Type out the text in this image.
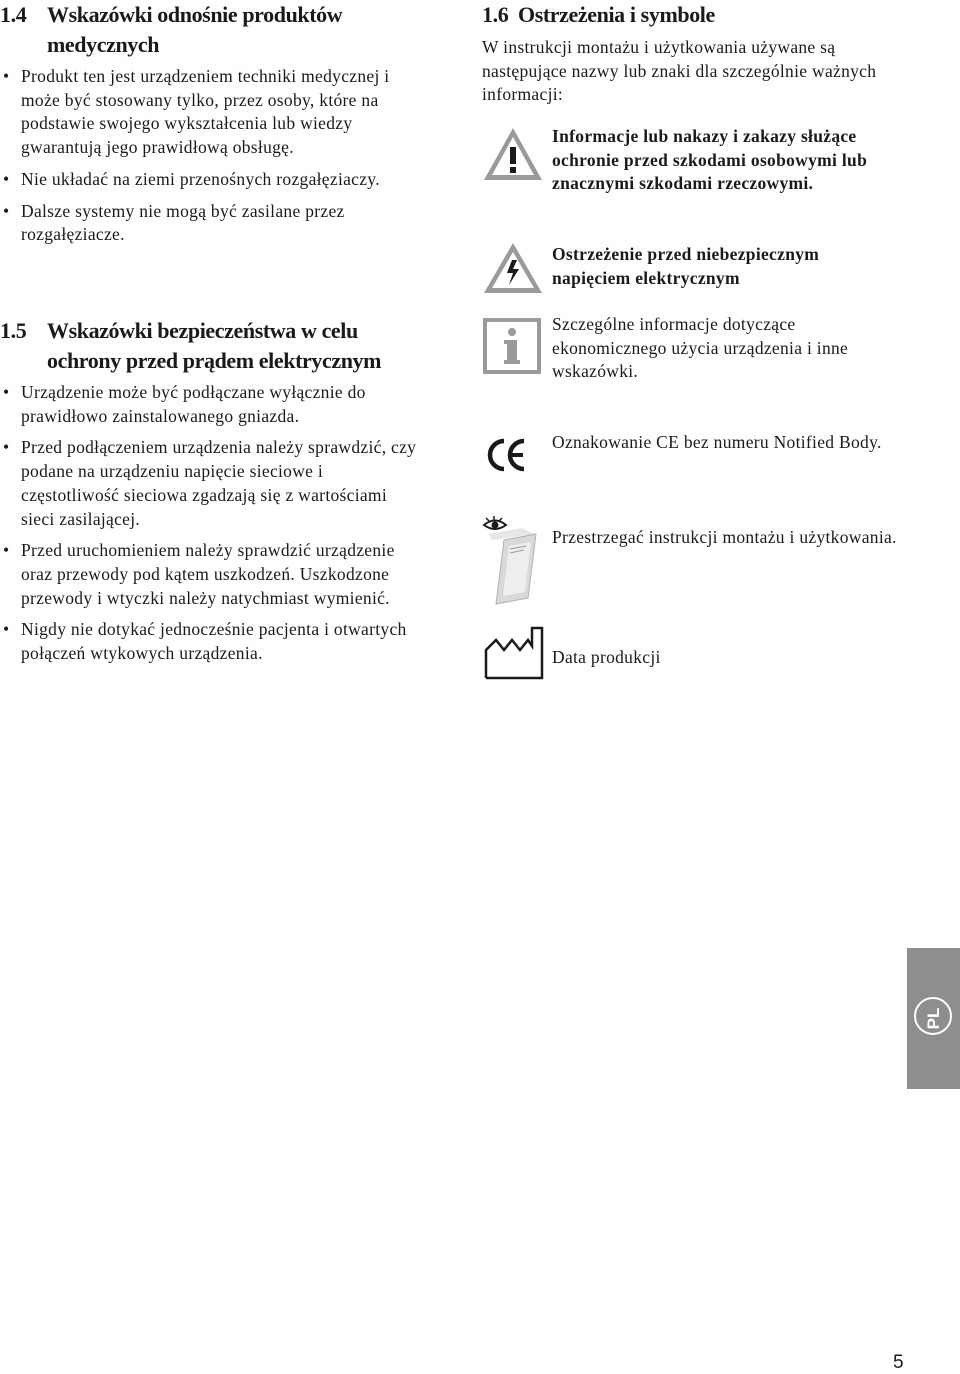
1.4 Wskazówki odnośnie produktów
medycznych
• Produkt ten jest urządzeniem techniki medycznej i może być stosowany tylko, przez osoby, które na podstawie swojego wykształcenia lub wiedzy gwarantują jego prawidłową obsługę.
• Nie układać na ziemi przenośnych rozgałęziaczy.
• Dalsze systemy nie mogą być zasilane przez rozgałęziacze.
1.5 Wskazówki bezpieczeństwa w celu
ochrony przed prądem elektrycznym
• Urządzenie może być podłączane wyłącznie do prawidłowo zainstalowanego gniazda.
• Przed podłączeniem urządzenia należy sprawdzić, czy podane na urządzeniu napięcie sieciowe i częstotliwość sieciowa zgadzają się z wartościami sieci zasilającej.
• Przed uruchomieniem należy sprawdzić urządzenie oraz przewody pod kątem uszkodzeń. Uszkodzone przewody i wtyczki należy natychmiast wymienić.
• Nigdy nie dotykać jednocześnie pacjenta i otwartych połączeń wtykowych urządzenia.
1.6 Ostrzeżenia i symbole

W instrukcji montażu i użytkowania używane są następujące nazwy lub znaki dla szczególnie ważnych informacji:

Informacje lub nakazy i zakazy służące ochronie przed szkodami osobowymi lub znacznymi szkodami rzeczowymi.
Ostrzeżenie przed niebezpiecznym napięciem elektrycznym
Szczególne informacje dotyczące ekonomicznego użycia urządzenia i inne wskazówki.
Oznakowanie CE bez numeru Notified Body.
Przestrzegać instrukcji montażu i użytkowania.
Data produkcji
PL
5
